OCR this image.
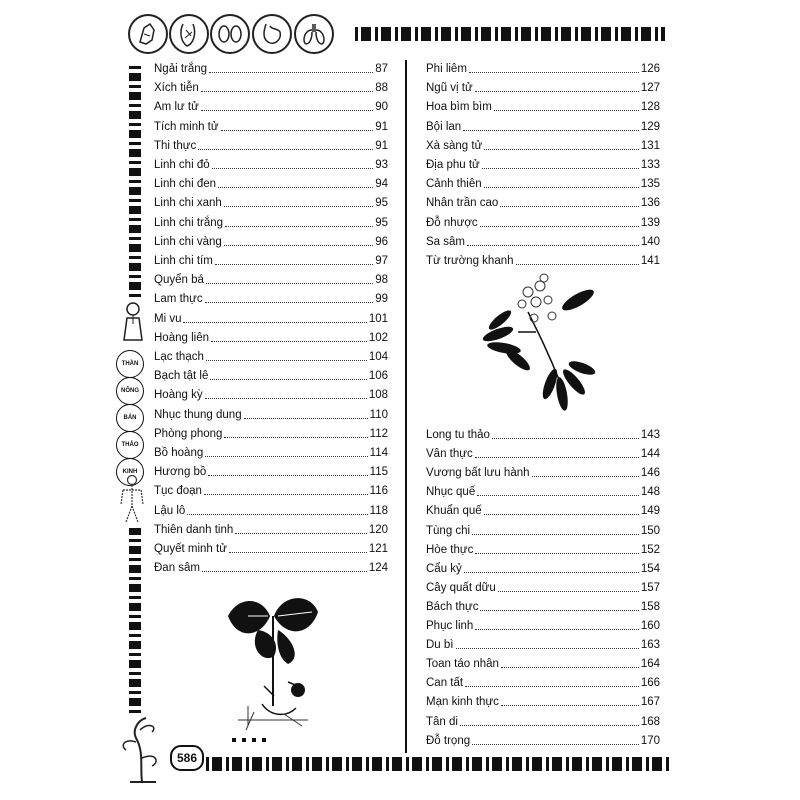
THẦN
NÔNG
BẢN
THẢO
KINH
586
Ngải trắng	87
Xích tiễn	88
Am lư tử	90
Tích minh tử	91
Thi thực	91
Linh chi đỏ	93
Linh chi đen	94
Linh chi xanh	95
Linh chi trắng	95
Linh chi vàng	96
Linh chi tím	97
Quyển bá	98
Lam thực	99
Mi vu	101
Hoàng liên	102
Lạc thạch	104
Bạch tật lê	106
Hoàng kỳ	108
Nhục thung dung	110
Phòng phong	112
Bồ hoàng	114
Hương bồ	115
Tục đoạn	116
Lậu lô	118
Thiên danh tinh	120
Quyết minh tử	121
Đan sâm	124
Phi liêm	126
Ngũ vị tử	127
Hoa bìm bìm	128
Bội lan	129
Xà sàng tử	131
Địa phu tử	133
Cảnh thiên	135
Nhân trần cao	136
Đỗ nhược	139
Sa sâm	140
Từ trường khanh	141
Long tu thảo	143
Vân thực	144
Vương bất lưu hành	146
Nhục quế	148
Khuẩn quế	149
Tùng chi	150
Hòe thực	152
Cẩu kỷ	154
Cây quất dữu	157
Bách thực	158
Phục linh	160
Du bì	163
Toan táo nhân	164
Can tất	166
Mạn kinh thực	167
Tân di	168
Đỗ trọng	170
